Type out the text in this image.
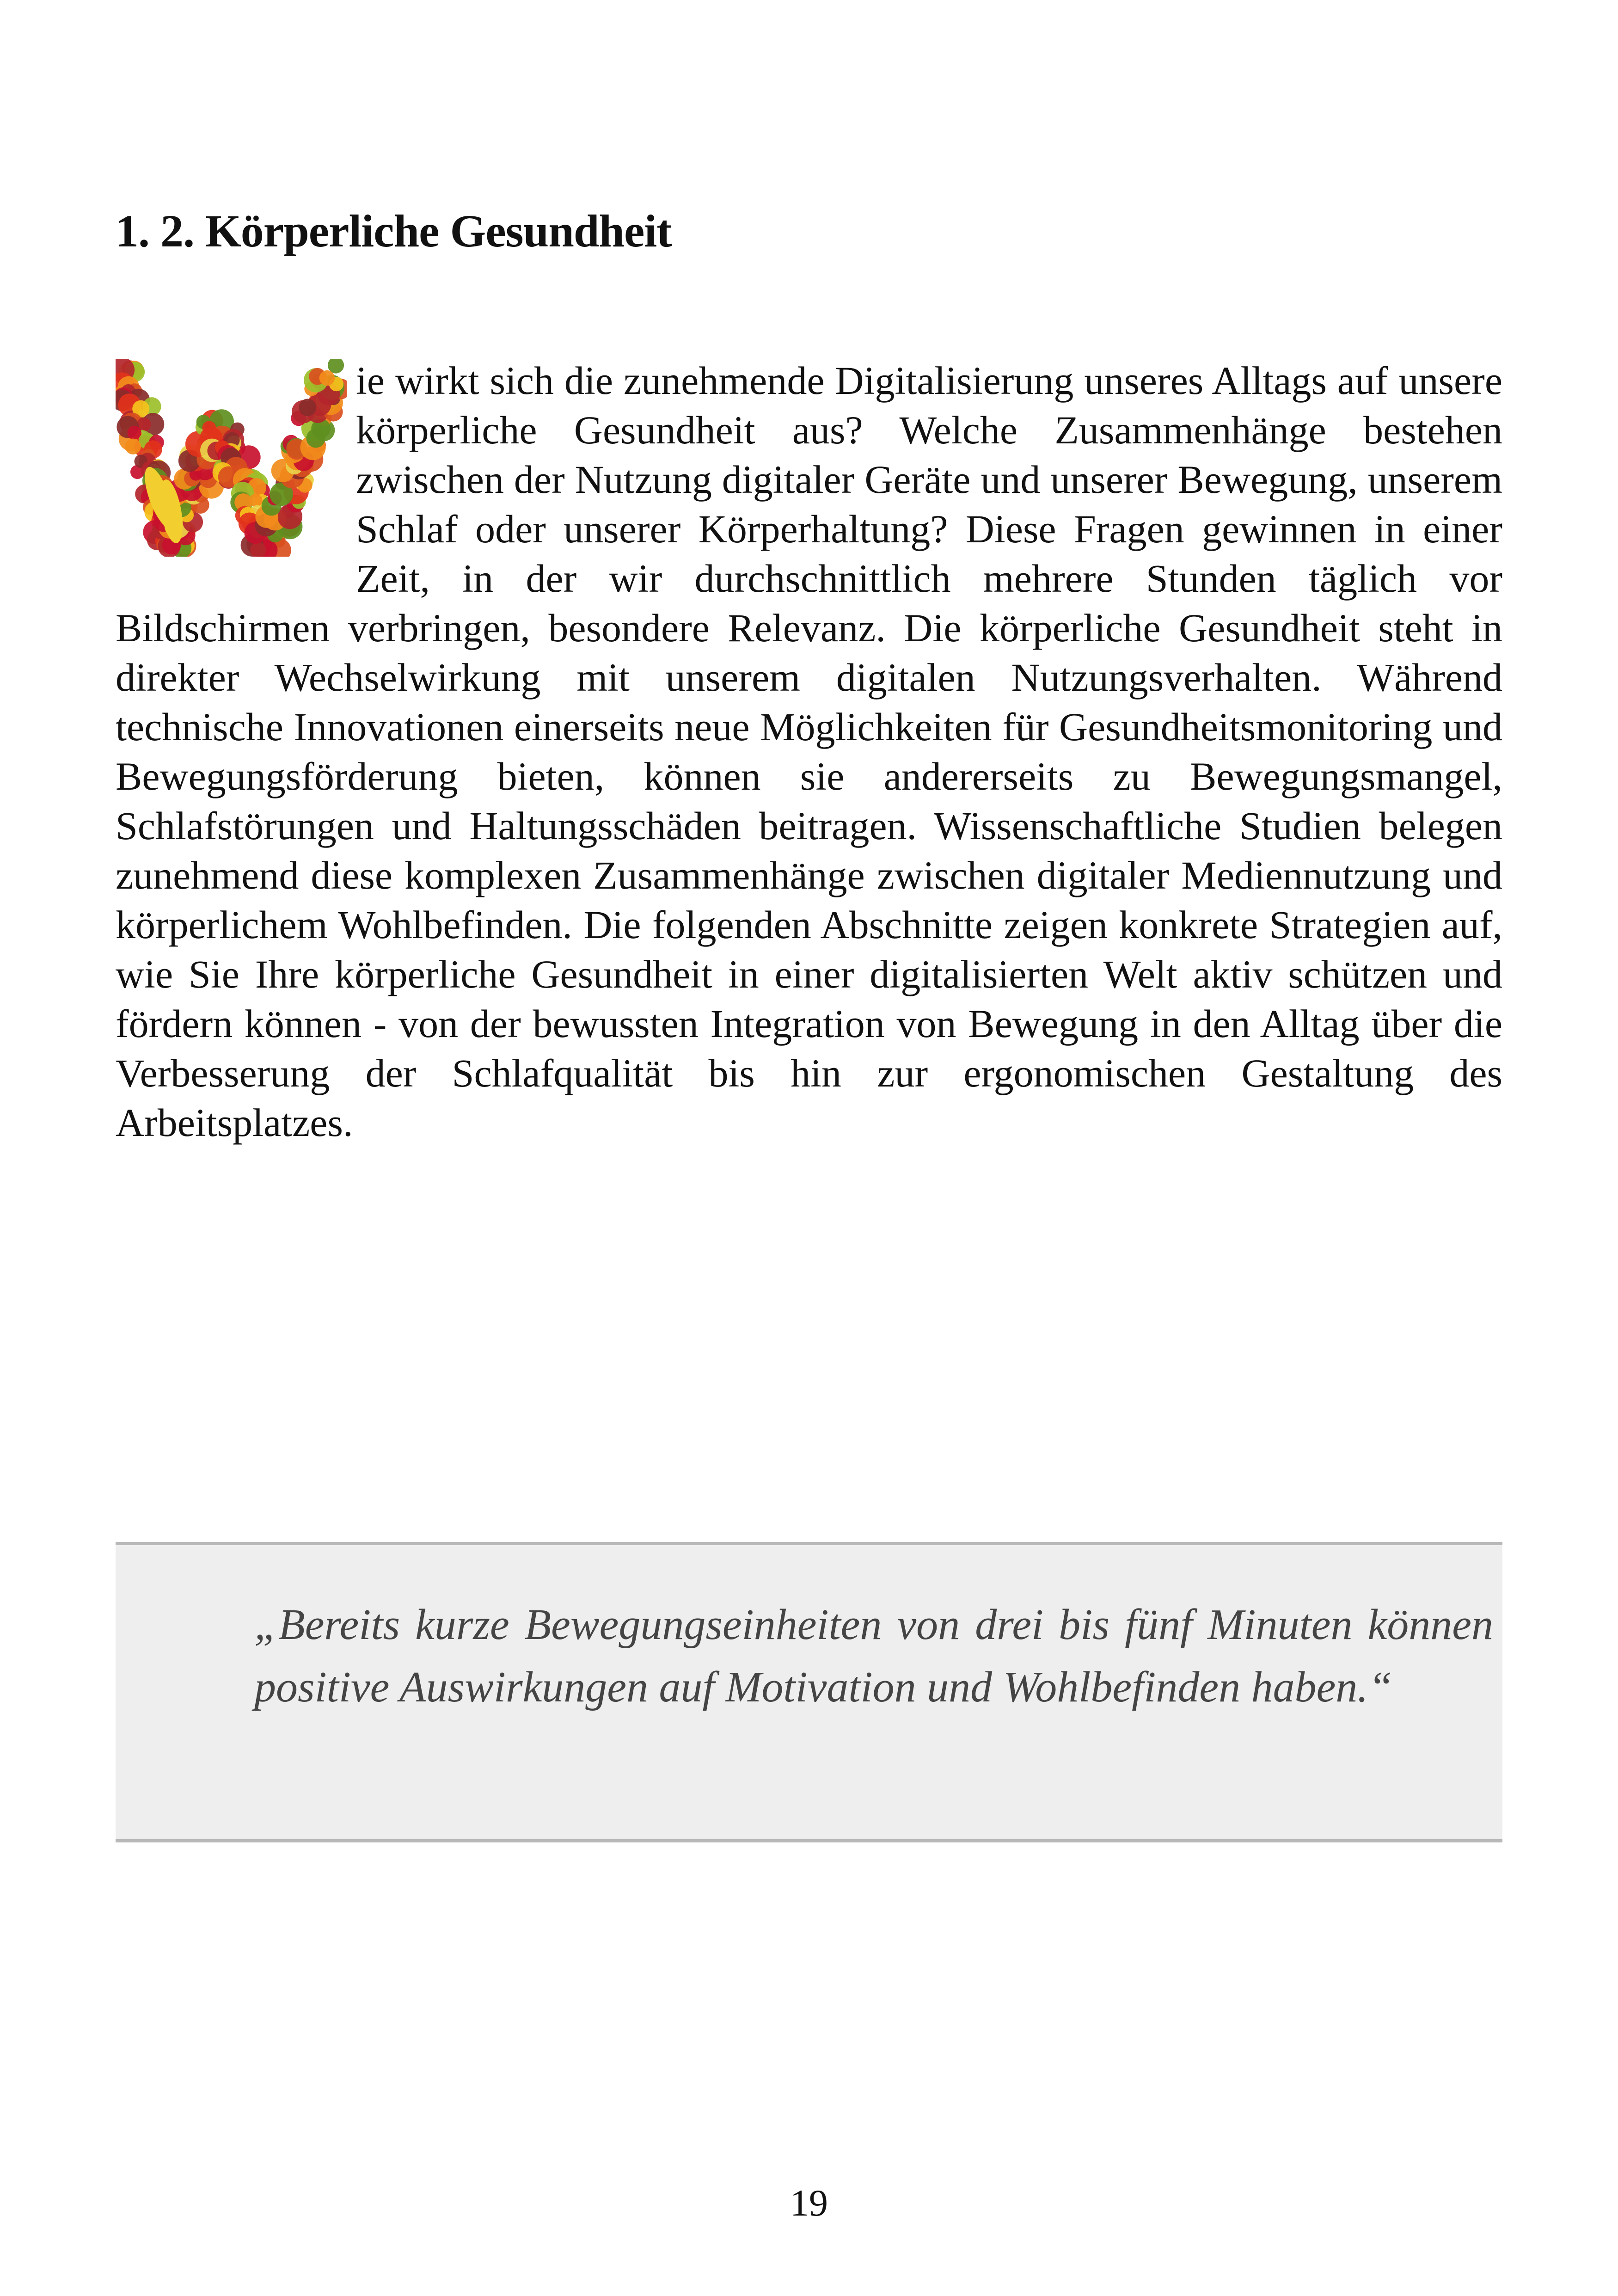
1. 2. Körperliche Gesundheit
ie wirkt sich die zunehmende Digitalisierung unseres Alltags auf unsere körperliche Gesundheit aus? Welche Zusammenhänge bestehen zwischen der Nutzung digitaler Geräte und unserer Bewegung, unserem Schlaf oder unserer Körperhaltung? Diese Fragen gewinnen in einer Zeit, in der wir durchschnittlich mehrere Stunden täglich vor Bildschirmen verbringen, besondere Relevanz. Die körperliche Gesundheit steht in direkter Wechselwirkung mit unserem digitalen Nutzungsverhalten. Während technische Innovationen einerseits neue Möglichkeiten für Gesundheitsmonitoring und Bewegungsförderung bieten, können sie andererseits zu Bewegungsmangel, Schlafstörungen und Haltungsschäden beitragen. Wissenschaftliche Studien belegen zunehmend diese komplexen Zusammenhänge zwischen digitaler Mediennutzung und körperlichem Wohlbefinden. Die folgenden Abschnitte zeigen konkrete Strategien auf, wie Sie Ihre körperliche Gesundheit in einer digitalisierten Welt aktiv schützen und fördern können - von der bewussten Integration von Bewegung in den Alltag über die Verbesserung der Schlafqualität bis hin zur ergonomischen Gestaltung des Arbeitsplatzes.

„Bereits kurze Bewegungseinheiten von drei bis fünf Minuten können positive Auswirkungen auf Motivation und Wohlbefinden haben.“

19
